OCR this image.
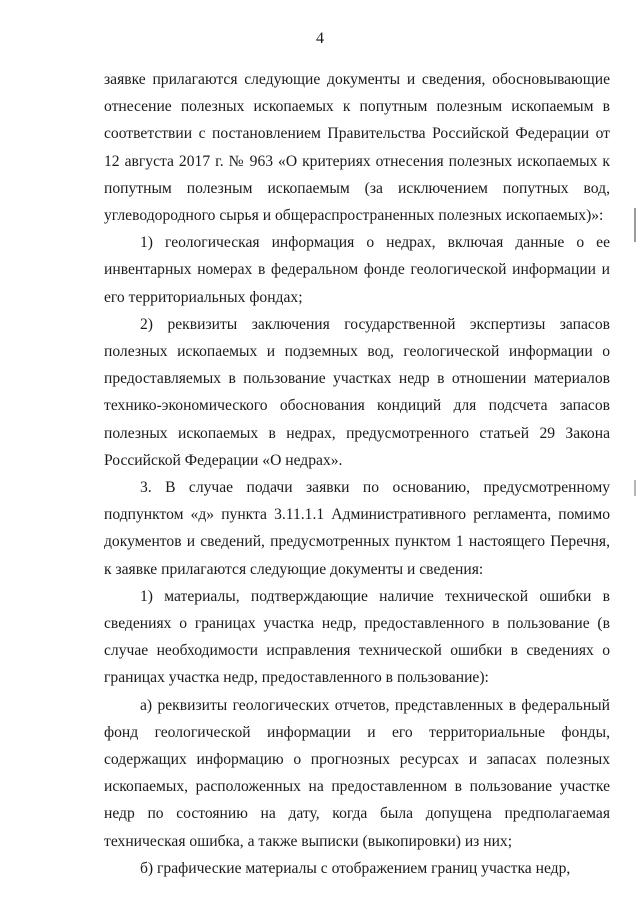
4

заявке прилагаются следующие документы и сведения, обосновывающие отнесение полезных ископаемых к попутным полезным ископаемым в соответствии с постановлением Правительства Российской Федерации от 12 августа 2017 г. № 963 «О критериях отнесения полезных ископаемых к попутным полезным ископаемым (за исключением попутных вод, углеводородного сырья и общераспространенных полезных ископаемых)»:

1) геологическая информация о недрах, включая данные о ее инвентарных номерах в федеральном фонде геологической информации и его территориальных фондах;

2) реквизиты заключения государственной экспертизы запасов полезных ископаемых и подземных вод, геологической информации о предоставляемых в пользование участках недр в отношении материалов технико-экономического обоснования кондиций для подсчета запасов полезных ископаемых в недрах, предусмотренного статьей 29 Закона Российской Федерации «О недрах».

3. В случае подачи заявки по основанию, предусмотренному подпунктом «д» пункта 3.11.1.1 Административного регламента, помимо документов и сведений, предусмотренных пунктом 1 настоящего Перечня, к заявке прилагаются следующие документы и сведения:

1) материалы, подтверждающие наличие технической ошибки в сведениях о границах участка недр, предоставленного в пользование (в случае необходимости исправления технической ошибки в сведениях о границах участка недр, предоставленного в пользование):

а) реквизиты геологических отчетов, представленных в федеральный фонд геологической информации и его территориальные фонды, содержащих информацию о прогнозных ресурсах и запасах полезных ископаемых, расположенных на предоставленном в пользование участке недр по состоянию на дату, когда была допущена предполагаемая техническая ошибка, а также выписки (выкопировки) из них;

б) графические материалы с отображением границ участка недр,
